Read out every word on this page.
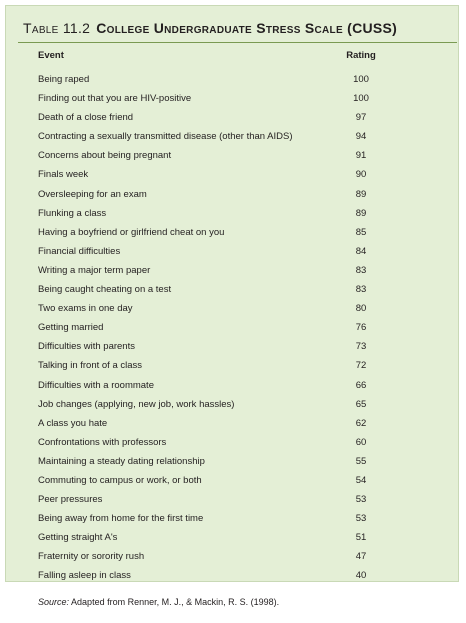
Table 11.2 College Undergraduate Stress Scale (CUSS)
Event	Rating
Being raped	100
Finding out that you are HIV-positive	100
Death of a close friend	97
Contracting a sexually transmitted disease (other than AIDS)	94
Concerns about being pregnant	91
Finals week	90
Oversleeping for an exam	89
Flunking a class	89
Having a boyfriend or girlfriend cheat on you	85
Financial difficulties	84
Writing a major term paper	83
Being caught cheating on a test	83
Two exams in one day	80
Getting married	76
Difficulties with parents	73
Talking in front of a class	72
Difficulties with a roommate	66
Job changes (applying, new job, work hassles)	65
A class you hate	62
Confrontations with professors	60
Maintaining a steady dating relationship	55
Commuting to campus or work, or both	54
Peer pressures	53
Being away from home for the first time	53
Getting straight A's	51
Fraternity or sorority rush	47
Falling asleep in class	40
Source: Adapted from Renner, M. J., & Mackin, R. S. (1998).
